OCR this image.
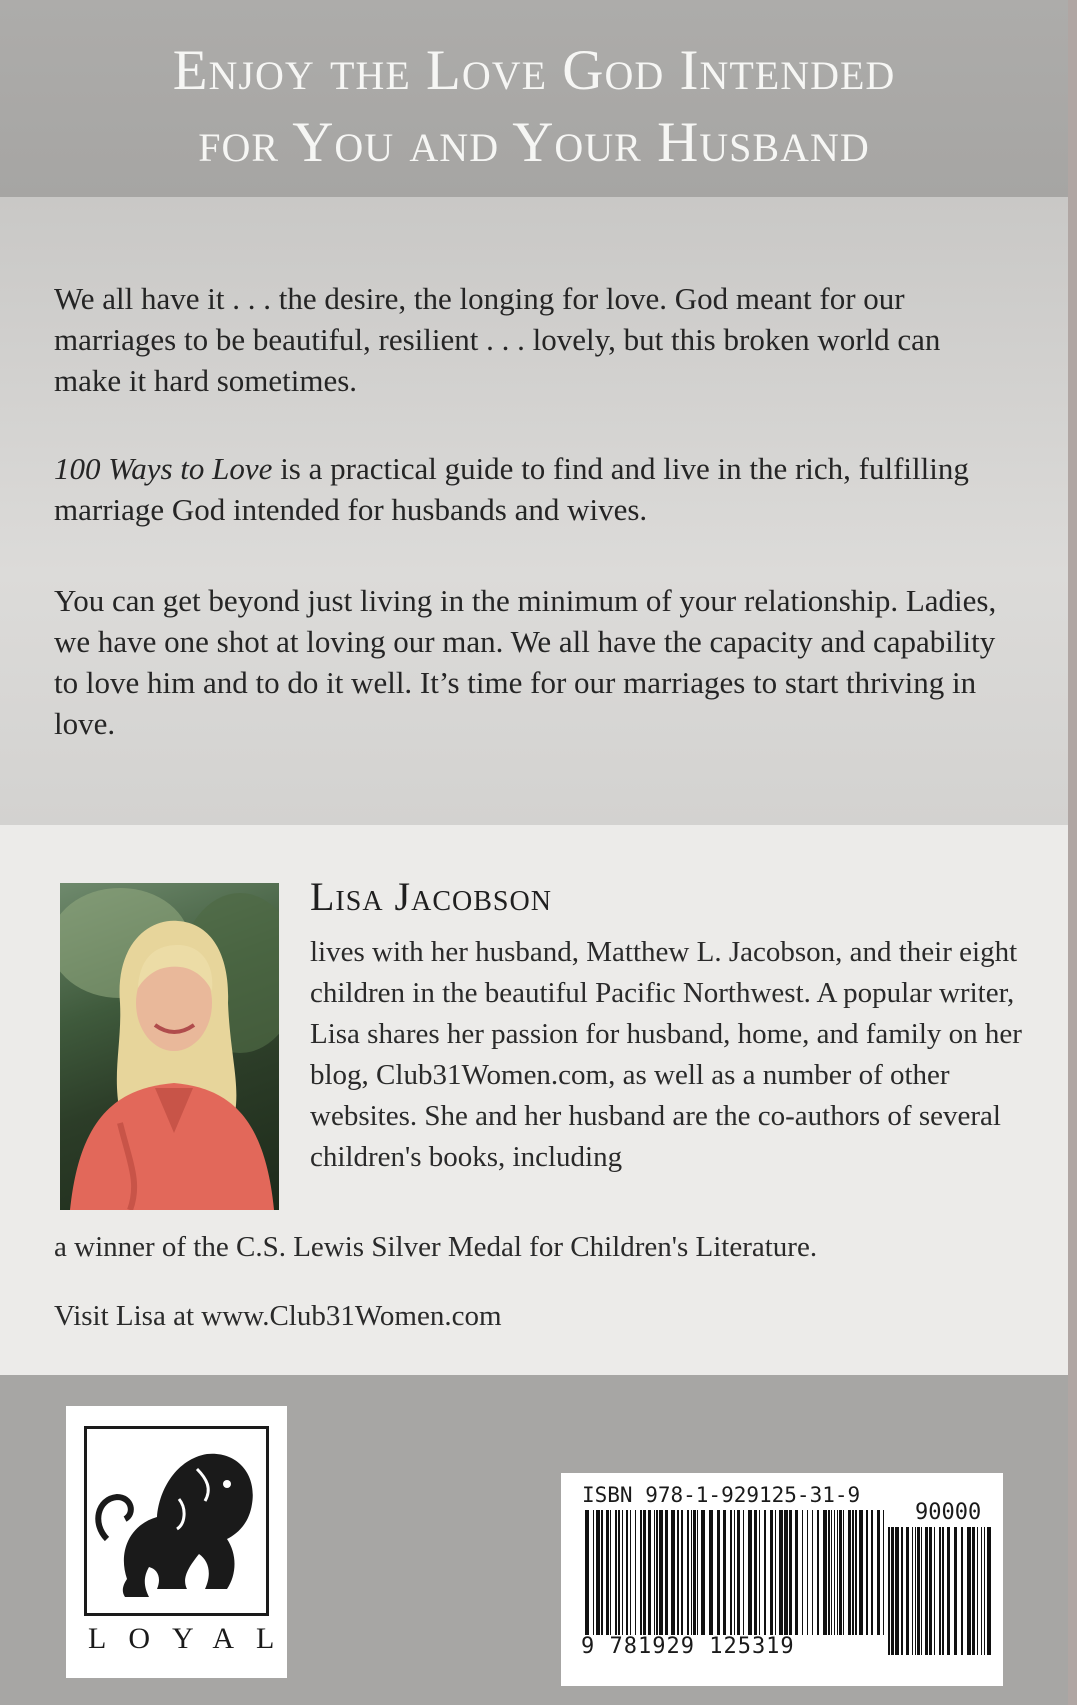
Enjoy the Love God Intended
for You and Your Husband

We all have it . . . the desire, the longing for love. God meant for our marriages to be beautiful, resilient . . . lovely, but this broken world can make it hard sometimes.

100 Ways to Love is a practical guide to find and live in the rich, fulfilling marriage God intended for husbands and wives.

You can get beyond just living in the minimum of your relationship. Ladies, we have one shot at loving our man. We all have the capacity and capability to love him and to do it well. It’s time for our marriages to start thriving in love.

Lisa Jacobson

lives with her husband, Matthew L. Jacobson, and their eight children in the beautiful Pacific Northwest. A popular writer, Lisa shares her passion for husband, home, and family on her blog, Club31Women.com, as well as a number of other websites. She and her husband are the co-authors of several children's books, including

a winner of the C.S. Lewis Silver Medal for Children's Literature.

Visit Lisa at www.Club31Women.com

LOYAL

ISBN 978-1-929125-31-9

90000

9 781929 125319
